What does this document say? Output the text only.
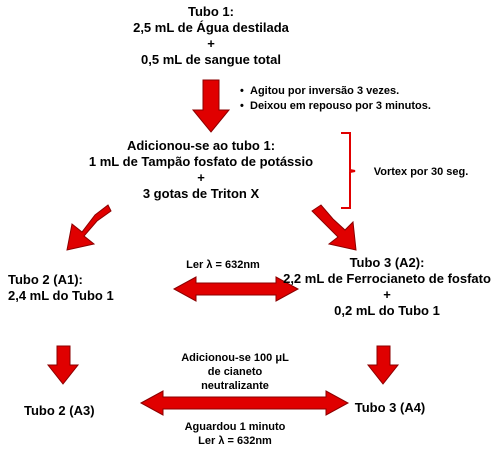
Tubo 1:
2,5 mL de Água destilada
+
0,5 mL de sangue total
• Agitou por inversão 3 vezes.
• Deixou em repouso por 3 minutos.
Adicionou-se ao tubo 1:
1 mL de Tampão fosfato de potássio
+
3 gotas de Triton X
Vortex por 30 seg.
Tubo 2 (A1):
2,4 mL do Tubo 1
Ler λ = 632nm	Tubo 3 (A2):
2,2 mL de Ferrocianeto de fosfato
+
0,2 mL do Tubo 1
Adicionou-se 100 μL
de cianeto
neutralizante
Tubo 2 (A3)	Tubo 3 (A4)
Aguardou 1 minuto
Ler λ = 632nm
